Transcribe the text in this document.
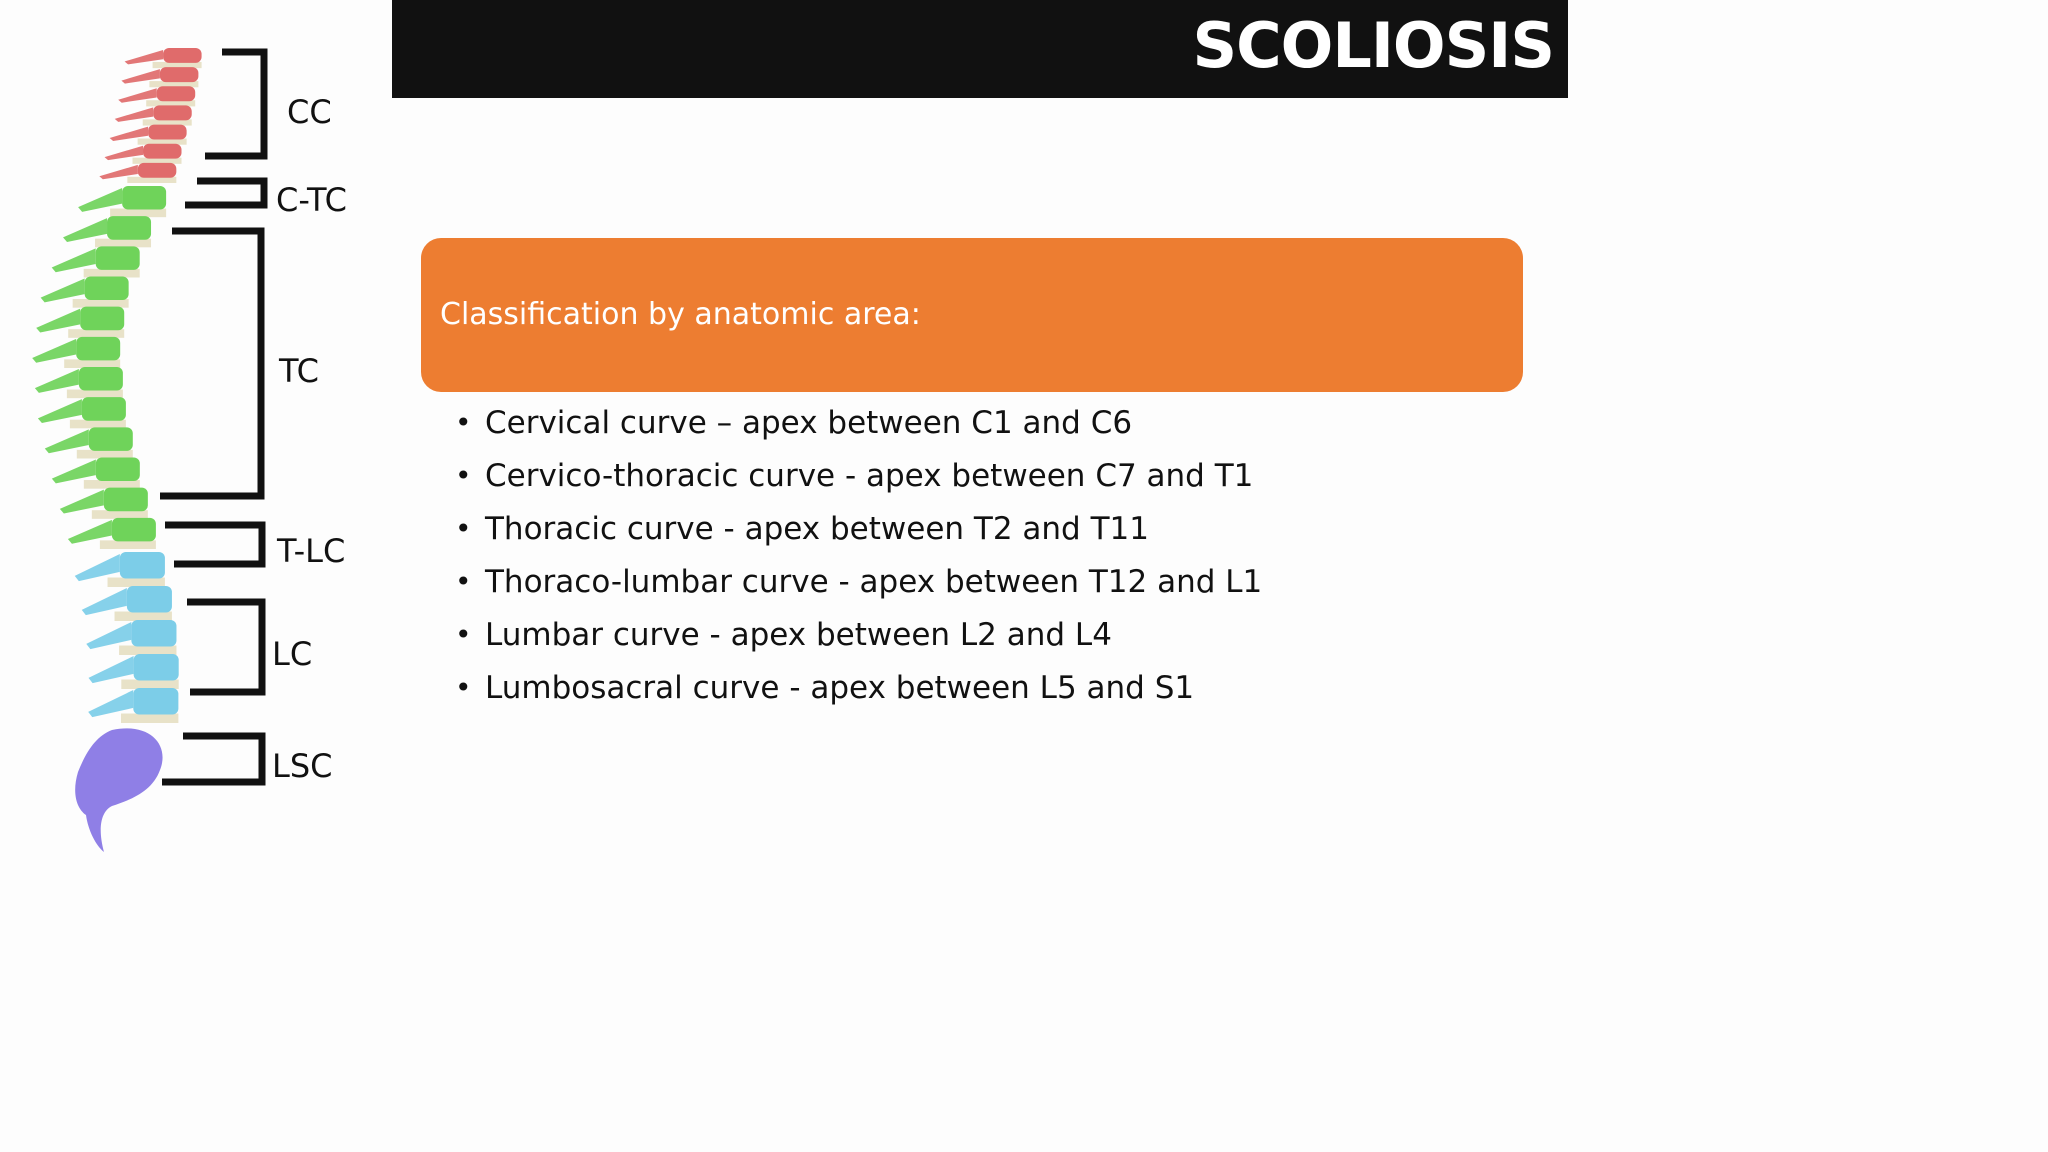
SCOLIOSIS
CC
C-TC
TC
T-LC
LC
LSC
Classification by anatomic area:
• Cervical curve – apex between C1 and C6
• Cervico-thoracic curve - apex between C7 and T1
• Thoracic curve - apex between T2 and T11
• Thoraco-lumbar curve - apex between T12 and L1
• Lumbar curve - apex between L2 and L4
• Lumbosacral curve - apex between L5 and S1
